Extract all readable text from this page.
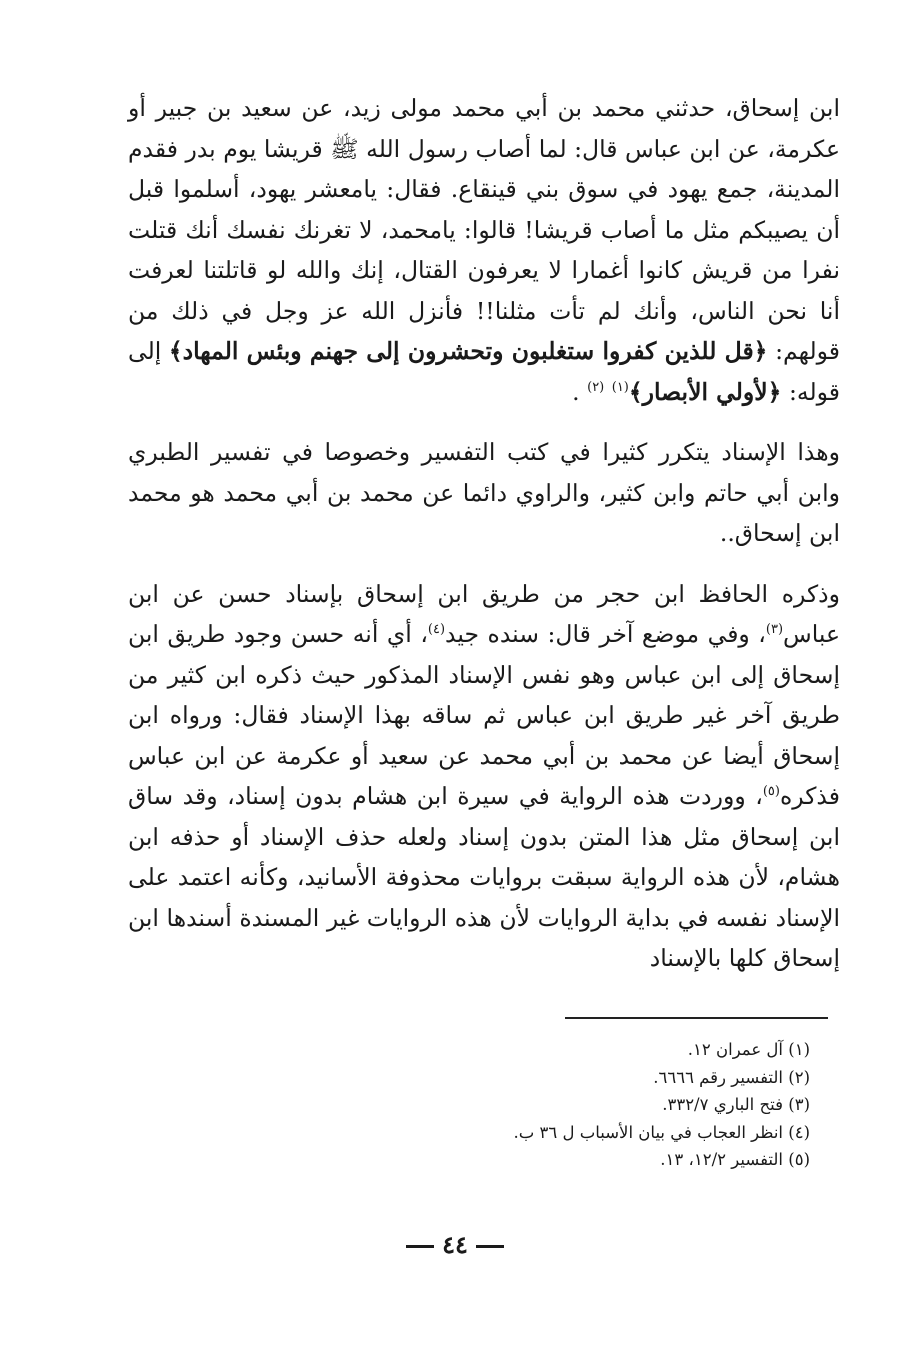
ابن إسحاق، حدثني محمد بن أبي محمد مولى زيد، عن سعيد بن جبير أو عكرمة، عن ابن عباس قال: لما أصاب رسول الله ﷺ قريشا يوم بدر فقدم المدينة، جمع يهود في سوق بني قينقاع. فقال: يامعشر يهود، أسلموا قبل أن يصيبكم مثل ما أصاب قريشا! قالوا: يامحمد، لا تغرنك نفسك أنك قتلت نفرا من قريش كانوا أغمارا لا يعرفون القتال، إنك والله لو قاتلتنا لعرفت أنا نحن الناس، وأنك لم تأت مثلنا!! فأنزل الله عز وجل في ذلك من قولهم: ﴿قل للذين كفروا ستغلبون وتحشرون إلى جهنم وبئس المهاد﴾ إلى قوله: ﴿لأولي الأبصار﴾$^{(١)}$ $^{(٢)}$ .

وهذا الإسناد يتكرر كثيرا في كتب التفسير وخصوصا في تفسير الطبري وابن أبي حاتم وابن كثير، والراوي دائما عن محمد بن أبي محمد هو محمد ابن إسحاق..

وذكره الحافظ ابن حجر من طريق ابن إسحاق بإسناد حسن عن ابن عباس$^{(٣)}$، وفي موضع آخر قال: سنده جيد$^{(٤)}$، أي أنه حسن وجود طريق ابن إسحاق إلى ابن عباس وهو نفس الإسناد المذكور حيث ذكره ابن كثير من طريق آخر غير طريق ابن عباس ثم ساقه بهذا الإسناد فقال: ورواه ابن إسحاق أيضا عن محمد بن أبي محمد عن سعيد أو عكرمة عن ابن عباس فذكره$^{(٥)}$، ووردت هذه الرواية في سيرة ابن هشام بدون إسناد، وقد ساق ابن إسحاق مثل هذا المتن بدون إسناد ولعله حذف الإسناد أو حذفه ابن هشام، لأن هذه الرواية سبقت بروايات محذوفة الأسانيد، وكأنه اعتمد على الإسناد نفسه في بداية الروايات لأن هذه الروايات غير المسندة أسندها ابن إسحاق كلها بالإسناد

(١) آل عمران ١٢.
(٢) التفسير رقم ٦٦٦٦.
(٣) فتح الباري ٣٣٢/٧.
(٤) انظر العجاب في بيان الأسباب ل ٣٦ ب.
(٥) التفسير ١٢/٢، ١٣.
٤٤
